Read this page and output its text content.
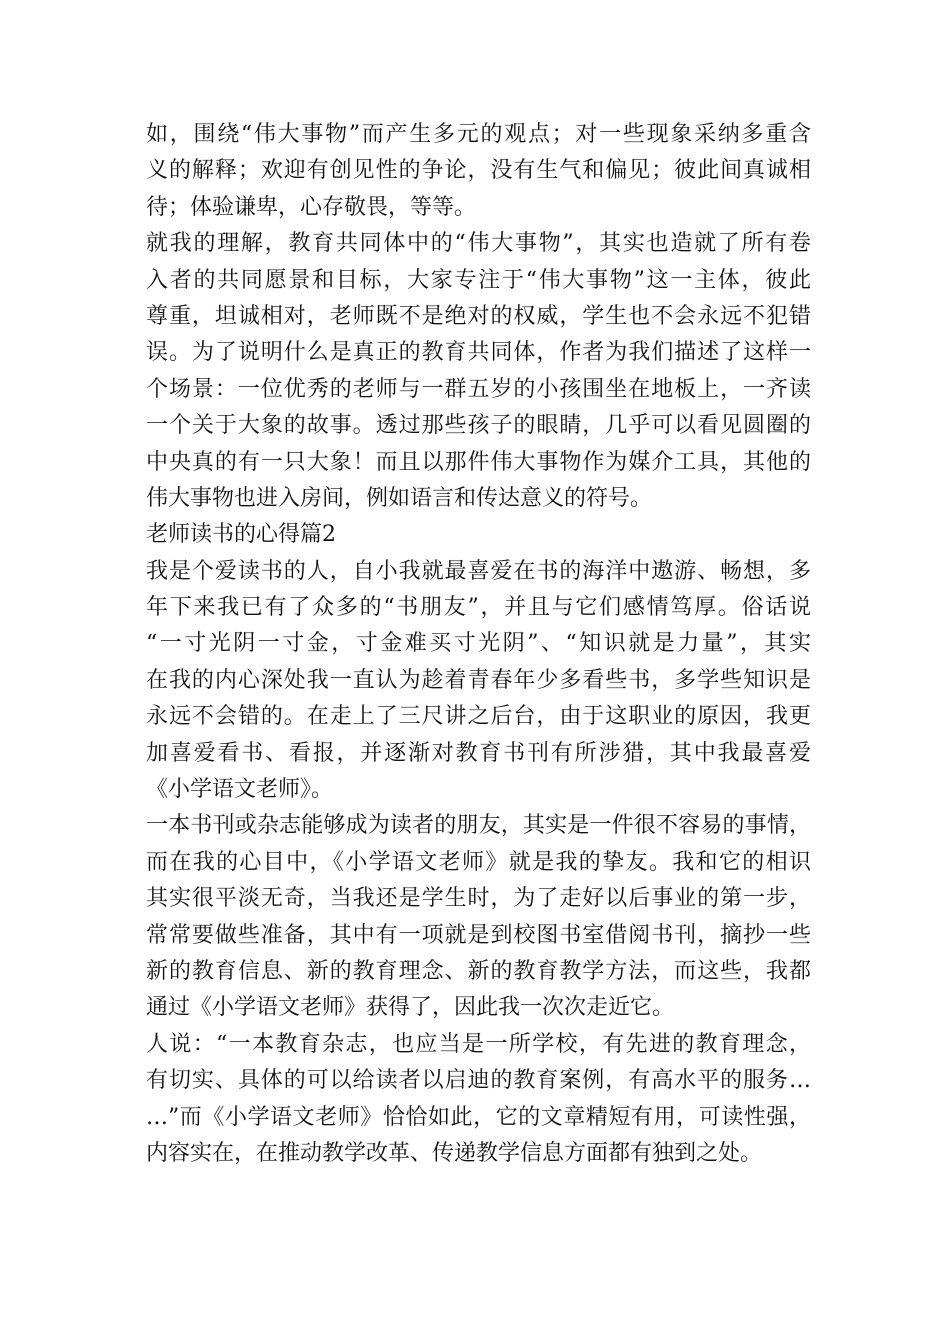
如，围绕“伟大事物”而产生多元的观点；对一些现象采纳多重含
义的解释；欢迎有创见性的争论，没有生气和偏见；彼此间真诚相
待；体验谦卑，心存敬畏，等等。
就我的理解，教育共同体中的“伟大事物”，其实也造就了所有卷
入者的共同愿景和目标，大家专注于“伟大事物”这一主体，彼此
尊重，坦诚相对，老师既不是绝对的权威，学生也不会永远不犯错
误。为了说明什么是真正的教育共同体，作者为我们描述了这样一
个场景：一位优秀的老师与一群五岁的小孩围坐在地板上，一齐读
一个关于大象的故事。透过那些孩子的眼睛，几乎可以看见圆圈的
中央真的有一只大象！而且以那件伟大事物作为媒介工具，其他的
伟大事物也进入房间，例如语言和传达意义的符号。
老师读书的心得篇2
我是个爱读书的人，自小我就最喜爱在书的海洋中遨游、畅想，多
年下来我已有了众多的“书朋友”，并且与它们感情笃厚。俗话说
“一寸光阴一寸金，寸金难买寸光阴”、“知识就是力量”，其实
在我的内心深处我一直认为趁着青春年少多看些书，多学些知识是
永远不会错的。在走上了三尺讲之后台，由于这职业的原因，我更
加喜爱看书、看报，并逐渐对教育书刊有所涉猎，其中我最喜爱
《小学语文老师》。
一本书刊或杂志能够成为读者的朋友，其实是一件很不容易的事情，
而在我的心目中，《小学语文老师》就是我的挚友。我和它的相识
其实很平淡无奇，当我还是学生时，为了走好以后事业的第一步，
常常要做些准备，其中有一项就是到校图书室借阅书刊，摘抄一些
新的教育信息、新的教育理念、新的教育教学方法，而这些，我都
通过《小学语文老师》获得了，因此我一次次走近它。
人说：“一本教育杂志，也应当是一所学校，有先进的教育理念，
有切实、具体的可以给读者以启迪的教育案例，有高水平的服务…
…”而《小学语文老师》恰恰如此，它的文章精短有用，可读性强，
内容实在，在推动教学改革、传递教学信息方面都有独到之处。
